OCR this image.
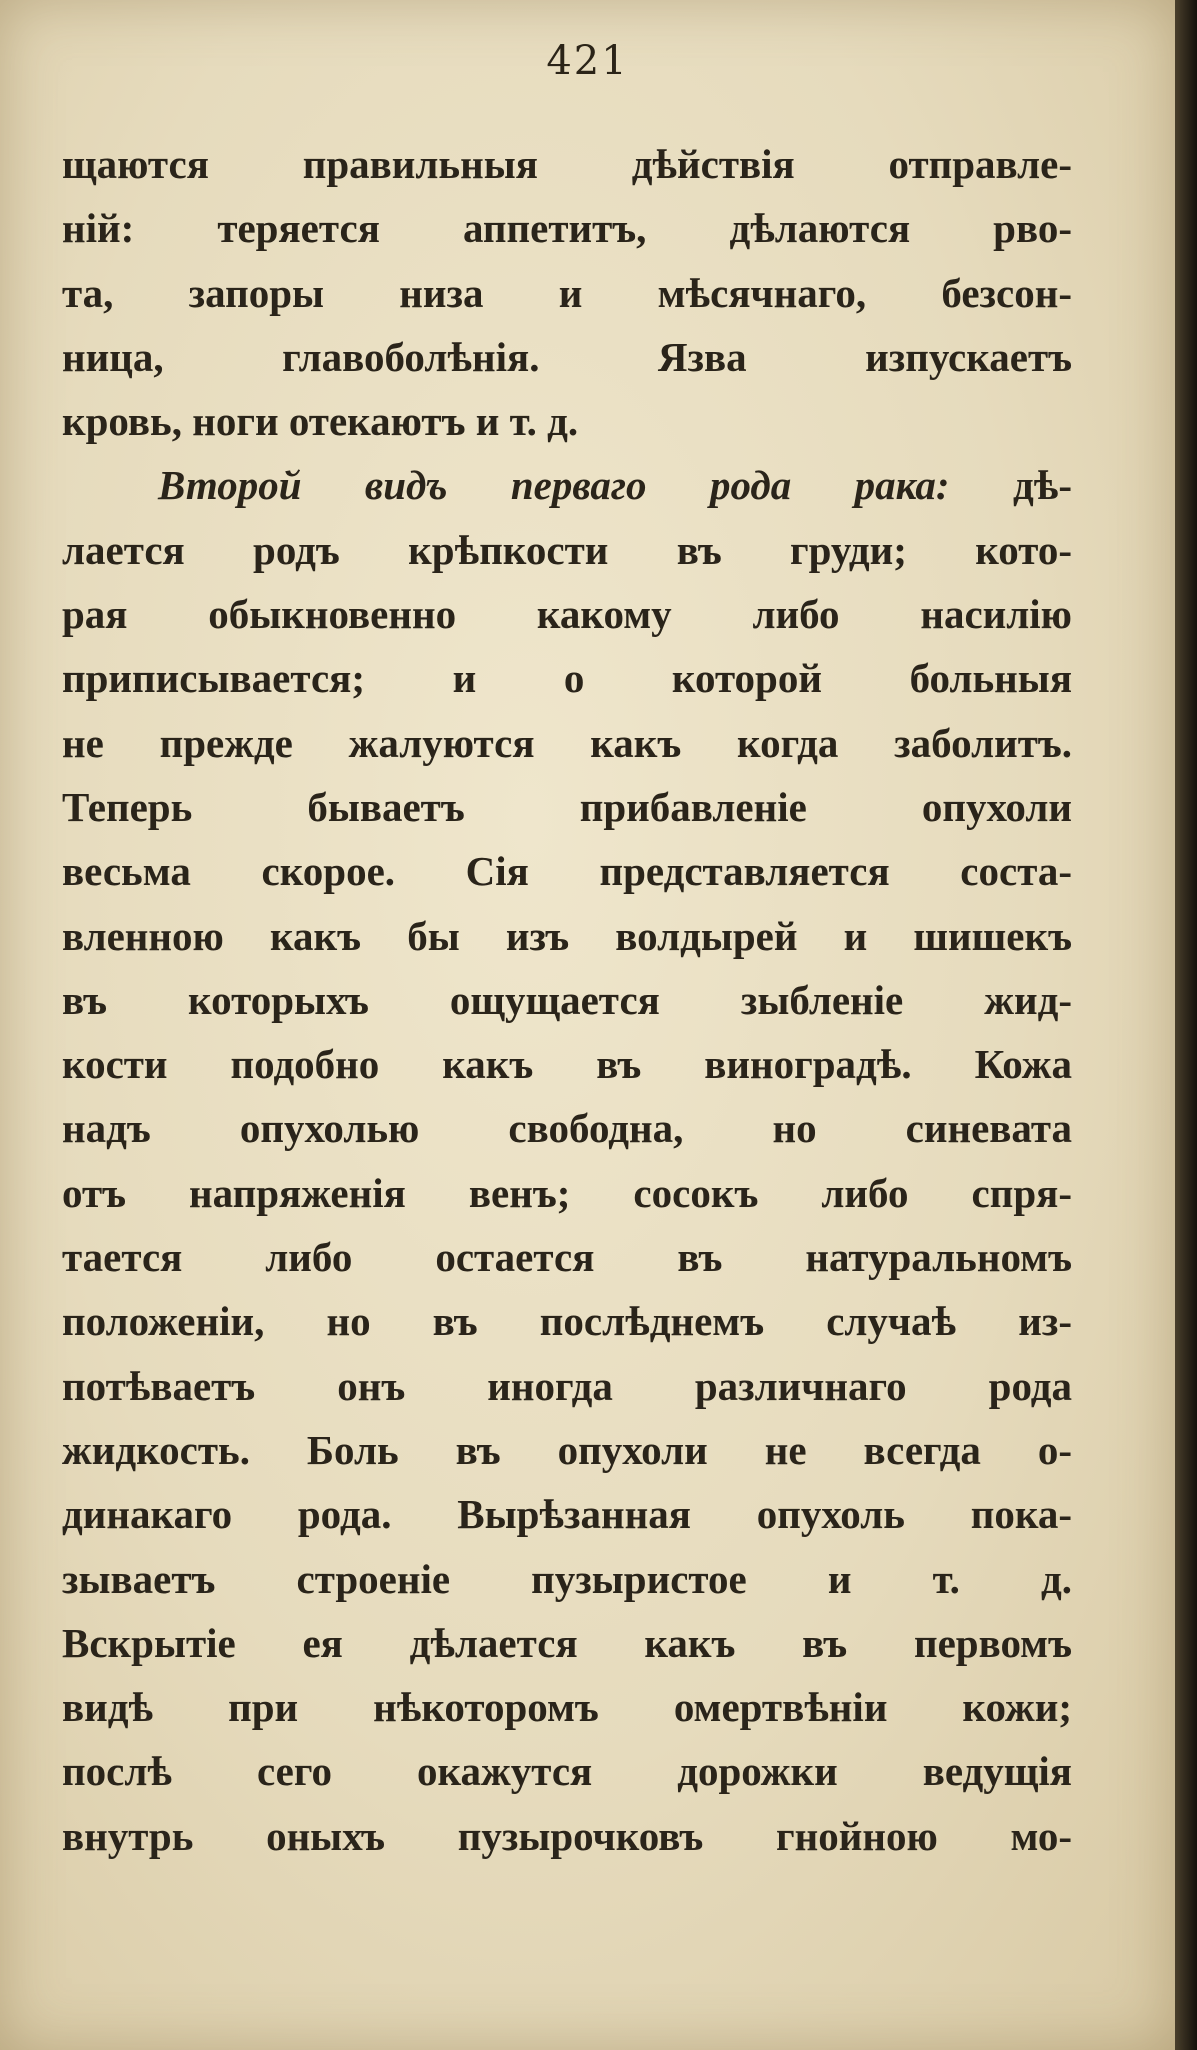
421
щаются правильныя дѣйствія отправле-
ній: теряется аппетитъ, дѣлаются рво-
та, запоры низа и мѣсячнаго, безсон-
ница, главоболѣнія. Язва изпускаетъ
кровь, ноги отекаютъ и т. д.
Второй видъ перваго рода рака: дѣ-
лается родъ крѣпкости въ груди; кото-
рая обыкновенно какому либо насилію
приписывается; и о которой больныя
не прежде жалуются какъ когда заболитъ.
Теперь бываетъ прибавленіе опухоли
весьма скорое. Сія представляется соста-
вленною какъ бы изъ волдырей и шишекъ
въ которыхъ ощущается зыбленіе жид-
кости подобно какъ въ виноградѣ. Кожа
надъ опухолью свободна, но синевата
отъ напряженія венъ; сосокъ либо спря-
тается либо остается въ натуральномъ
положеніи, но въ послѣднемъ случаѣ из-
потѣваетъ онъ иногда различнаго рода
жидкость. Боль въ опухоли не всегда о-
динакаго рода. Вырѣзанная опухоль пока-
зываетъ строеніе пузыристое и т. д.
Вскрытіе ея дѣлается какъ въ первомъ
видѣ при нѣкоторомъ омертвѣніи кожи;
послѣ сего окажутся дорожки ведущія
внутрь оныхъ пузырочковъ гнойною мо-
